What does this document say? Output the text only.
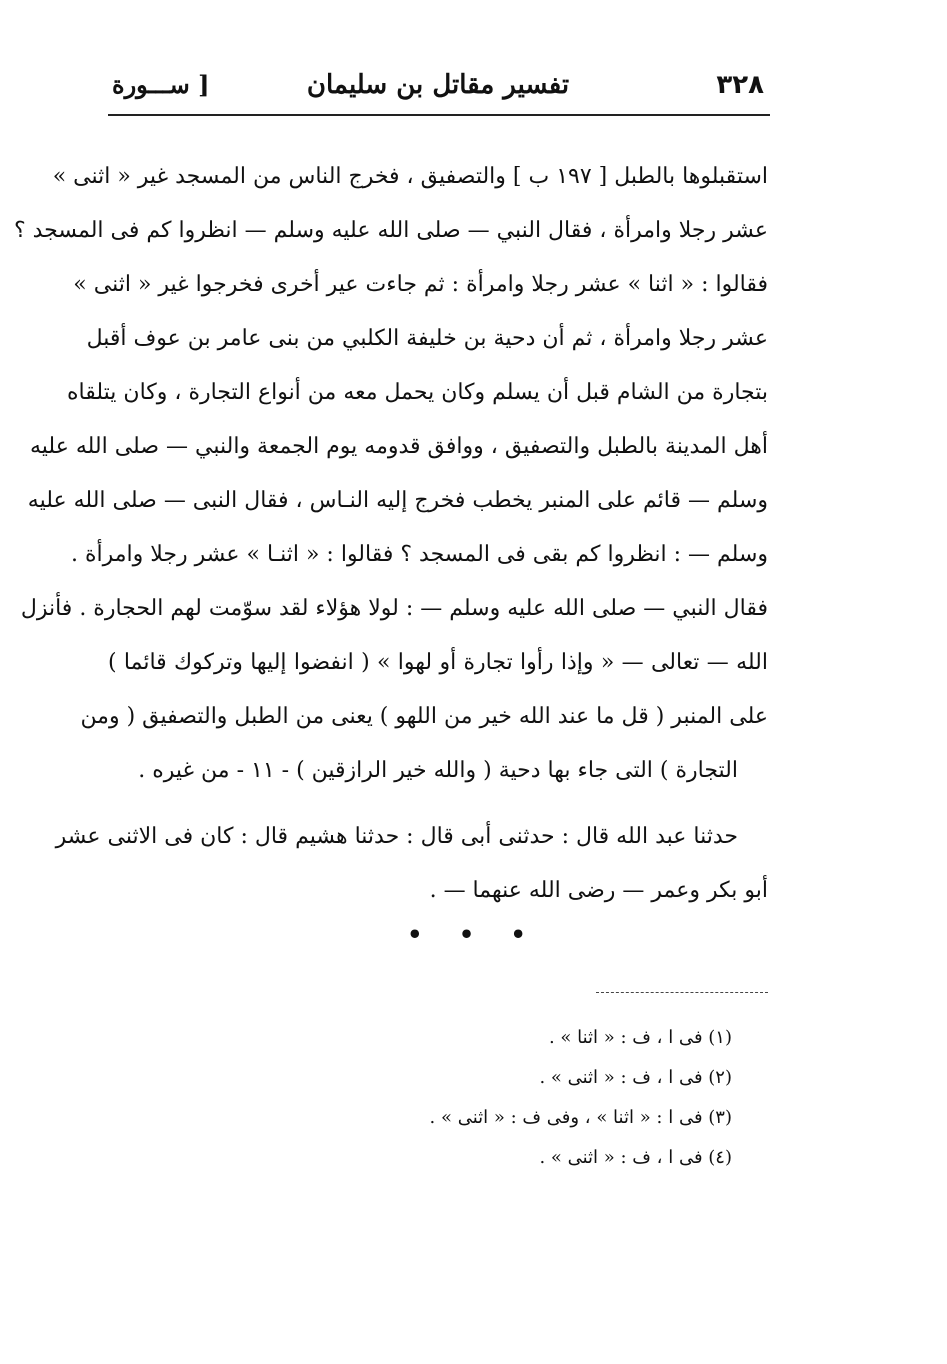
٣٢٨
تفسير مقاتل بن سليمان
[ ســـورة
استقبلوها بالطبل [ ١٩٧ ب ] والتصفيق ، فخرج الناس من المسجد غير « اثنى »
عشر رجلا وامرأة ، فقال النبي — صلى الله عليه وسلم — انظروا كم فى المسجد ؟
فقالوا : « اثنا » عشر رجلا وامرأة : ثم جاءت عير أخرى فخرجوا غير « اثنى »
عشر رجلا وامرأة ، ثم أن دحية بن خليفة الكلبي من بنى عامر بن عوف أقبل
بتجارة من الشام قبل أن يسلم وكان يحمل معه من أنواع التجارة ، وكان يتلقاه
أهل المدينة بالطبل والتصفيق ، ووافق قدومه يوم الجمعة والنبي — صلى الله عليه
وسلم — قائم على المنبر يخطب فخرج إليه النـاس ، فقال النبى — صلى الله عليه
وسلم — : انظروا كم بقى فى المسجد ؟ فقالوا : « اثنـا » عشر رجلا وامرأة .
فقال النبي — صلى الله عليه وسلم — : لولا هؤلاء لقد سوّمت لهم الحجارة . فأنزل
الله — تعالى — « وإذا رأوا تجارة أو لهوا » ( انفضوا إليها وتركوك قائما )
على المنبر ( قل ما عند الله خير من اللهو ) يعنى من الطبل والتصفيق ( ومن
التجارة ) التى جاء بها دحية ( والله خير الرازقين ) - ١١ - من غيره .
حدثنا عبد الله قال : حدثنى أبى قال : حدثنا هشيم قال : كان فى الاثنى عشر
أبو بكر وعمر — رضى الله عنهما — .
• • •
(١) فى ا ، ف : « اثنا » .
(٢) فى ا ، ف : « اثنى » .
(٣) فى ا : « اثنا » ، وفى ف : « اثنى » .
(٤) فى ا ، ف : « اثنى » .
